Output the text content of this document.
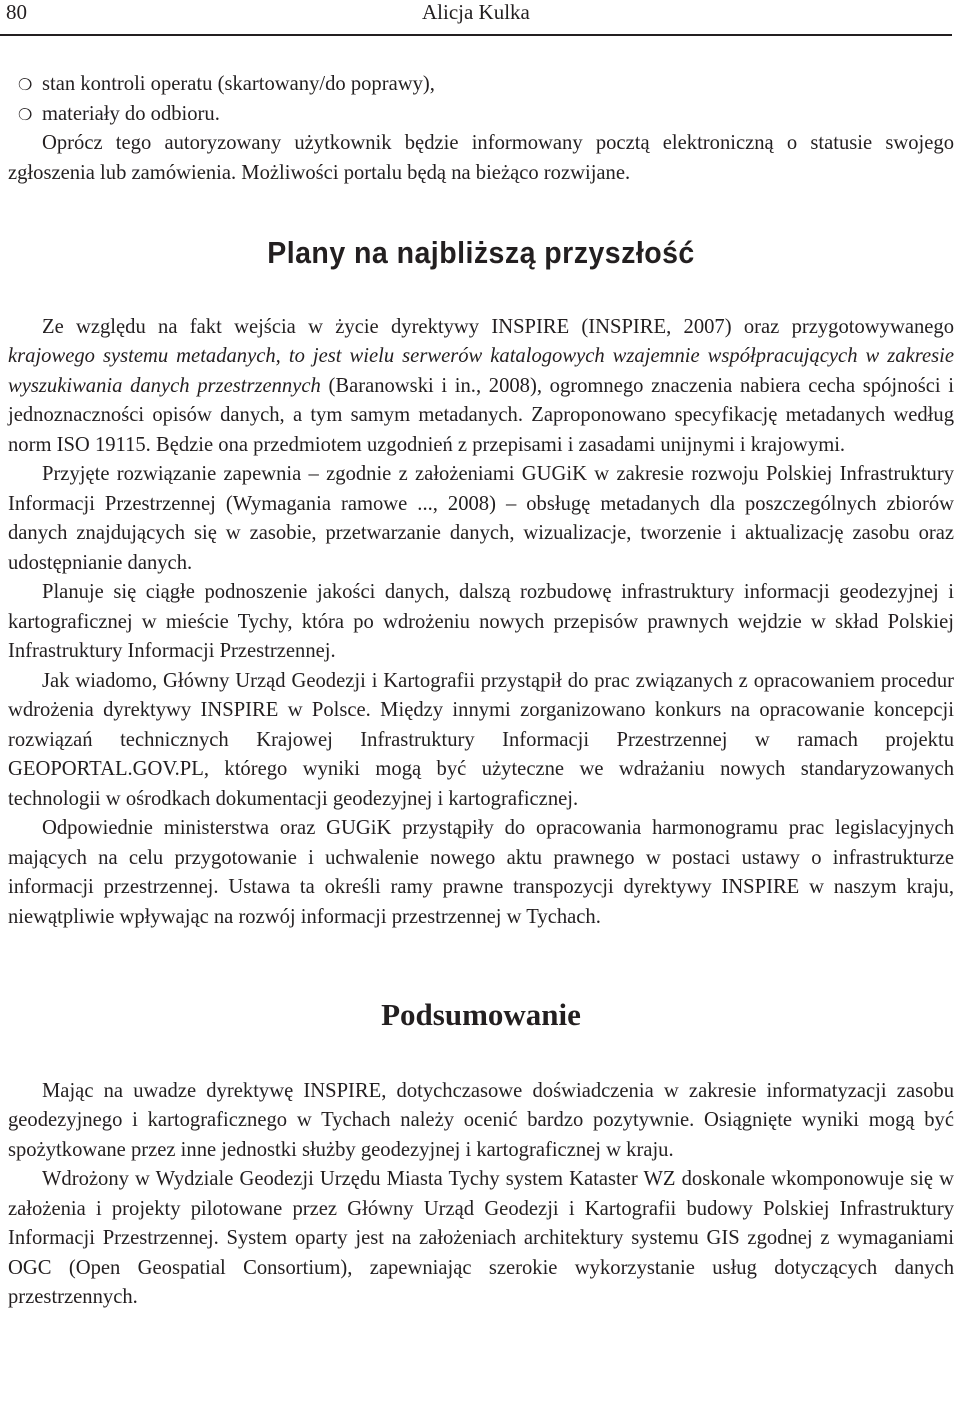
80	Alicja Kulka
❍ stan kontroli operatu (skartowany/do poprawy),
❍ materiały do odbioru.

Oprócz tego autoryzowany użytkownik będzie informowany pocztą elektroniczną o statusie swojego zgłoszenia lub zamówienia. Możliwości portalu będą na bieżąco rozwijane.

Plany na najbliższą przyszłość

Ze względu na fakt wejścia w życie dyrektywy INSPIRE (INSPIRE, 2007) oraz przygotowywanego krajowego systemu metadanych, to jest wielu serwerów katalogowych wzajemnie współpracujących w zakresie wyszukiwania danych przestrzennych (Baranowski i in., 2008), ogromnego znaczenia nabiera cecha spójności i jednoznaczności opisów danych, a tym samym metadanych. Zaproponowano specyfikację metadanych według norm ISO 19115. Będzie ona przedmiotem uzgodnień z przepisami i zasadami unijnymi i krajowymi.

Przyjęte rozwiązanie zapewnia – zgodnie z założeniami GUGiK w zakresie rozwoju Polskiej Infrastruktury Informacji Przestrzennej (Wymagania ramowe ..., 2008) – obsługę metadanych dla poszczególnych zbiorów danych znajdujących się w zasobie, przetwarzanie danych, wizualizacje, tworzenie i aktualizację zasobu oraz udostępnianie danych.

Planuje się ciągłe podnoszenie jakości danych, dalszą rozbudowę infrastruktury informacji geodezyjnej i kartograficznej w mieście Tychy, która po wdrożeniu nowych przepisów prawnych wejdzie w skład Polskiej Infrastruktury Informacji Przestrzennej.

Jak wiadomo, Główny Urząd Geodezji i Kartografii przystąpił do prac związanych z opracowaniem procedur wdrożenia dyrektywy INSPIRE w Polsce. Między innymi zorganizowano konkurs na opracowanie koncepcji rozwiązań technicznych Krajowej Infrastruktury Informacji Przestrzennej w ramach projektu GEOPORTAL.GOV.PL, którego wyniki mogą być użyteczne we wdrażaniu nowych standaryzowanych technologii w ośrodkach dokumentacji geodezyjnej i kartograficznej.

Odpowiednie ministerstwa oraz GUGiK przystąpiły do opracowania harmonogramu prac legislacyjnych mających na celu przygotowanie i uchwalenie nowego aktu prawnego w postaci ustawy o infrastrukturze informacji przestrzennej. Ustawa ta określi ramy prawne transpozycji dyrektywy INSPIRE w naszym kraju, niewątpliwie wpływając na rozwój informacji przestrzennej w Tychach.

Podsumowanie

Mając na uwadze dyrektywę INSPIRE, dotychczasowe doświadczenia w zakresie informatyzacji zasobu geodezyjnego i kartograficznego w Tychach należy ocenić bardzo pozytywnie. Osiągnięte wyniki mogą być spożytkowane przez inne jednostki służby geodezyjnej i kartograficznej w kraju.

Wdrożony w Wydziale Geodezji Urzędu Miasta Tychy system Kataster WZ doskonale wkomponowuje się w założenia i projekty pilotowane przez Główny Urząd Geodezji i Kartografii budowy Polskiej Infrastruktury Informacji Przestrzennej. System oparty jest na założeniach architektury systemu GIS zgodnej z wymaganiami OGC (Open Geospatial Consortium), zapewniając szerokie wykorzystanie usług dotyczących danych przestrzennych.
